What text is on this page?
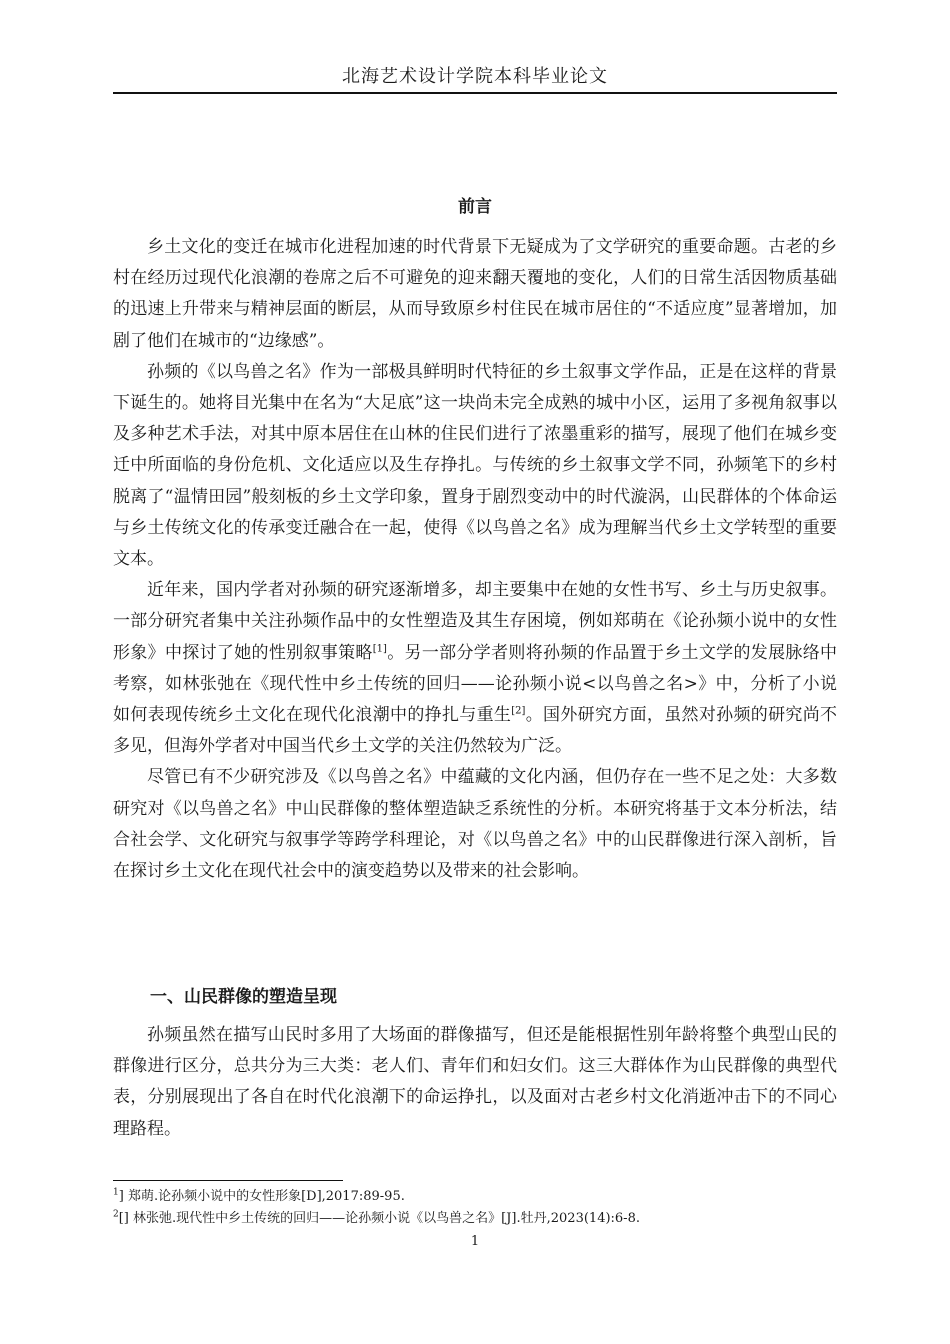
北海艺术设计学院本科毕业论文
前言

乡土文化的变迁在城市化进程加速的时代背景下无疑成为了文学研究的重要命题。古老的乡村在经历过现代化浪潮的卷席之后不可避免的迎来翻天覆地的变化，人们的日常生活因物质基础的迅速上升带来与精神层面的断层，从而导致原乡村住民在城市居住的“不适应度”显著增加，加剧了他们在城市的“边缘感”。

孙频的《以鸟兽之名》作为一部极具鲜明时代特征的乡土叙事文学作品，正是在这样的背景下诞生的。她将目光集中在名为“大足底”这一块尚未完全成熟的城中小区，运用了多视角叙事以及多种艺术手法，对其中原本居住在山林的住民们进行了浓墨重彩的描写，展现了他们在城乡变迁中所面临的身份危机、文化适应以及生存挣扎。与传统的乡土叙事文学不同，孙频笔下的乡村脱离了“温情田园”般刻板的乡土文学印象，置身于剧烈变动中的时代漩涡，山民群体的个体命运与乡土传统文化的传承变迁融合在一起，使得《以鸟兽之名》成为理解当代乡土文学转型的重要文本。

近年来，国内学者对孙频的研究逐渐增多，却主要集中在她的女性书写、乡土与历史叙事。一部分研究者集中关注孙频作品中的女性塑造及其生存困境，例如郑萌在《论孙频小说中的女性形象》中探讨了她的性别叙事策略[1]。另一部分学者则将孙频的作品置于乡土文学的发展脉络中考察，如林张弛在《现代性中乡土传统的回归——论孙频小说<以鸟兽之名>》中，分析了小说如何表现传统乡土文化在现代化浪潮中的挣扎与重生[2]。国外研究方面，虽然对孙频的研究尚不多见，但海外学者对中国当代乡土文学的关注仍然较为广泛。

尽管已有不少研究涉及《以鸟兽之名》中蕴藏的文化内涵，但仍存在一些不足之处：大多数研究对《以鸟兽之名》中山民群像的整体塑造缺乏系统性的分析。本研究将基于文本分析法，结合社会学、文化研究与叙事学等跨学科理论，对《以鸟兽之名》中的山民群像进行深入剖析，旨在探讨乡土文化在现代社会中的演变趋势以及带来的社会影响。

一、山民群像的塑造呈现

孙频虽然在描写山民时多用了大场面的群像描写，但还是能根据性别年龄将整个典型山民的群像进行区分，总共分为三大类：老人们、青年们和妇女们。这三大群体作为山民群像的典型代表，分别展现出了各自在时代化浪潮下的命运挣扎，以及面对古老乡村文化消逝冲击下的不同心理路程。

$^1$] 郑萌.论孙频小说中的女性形象[D],2017:89-95.
$^2$[] 林张弛.现代性中乡土传统的回归——论孙频小说《以鸟兽之名》[J].牡丹,2023(14):6-8.
1
